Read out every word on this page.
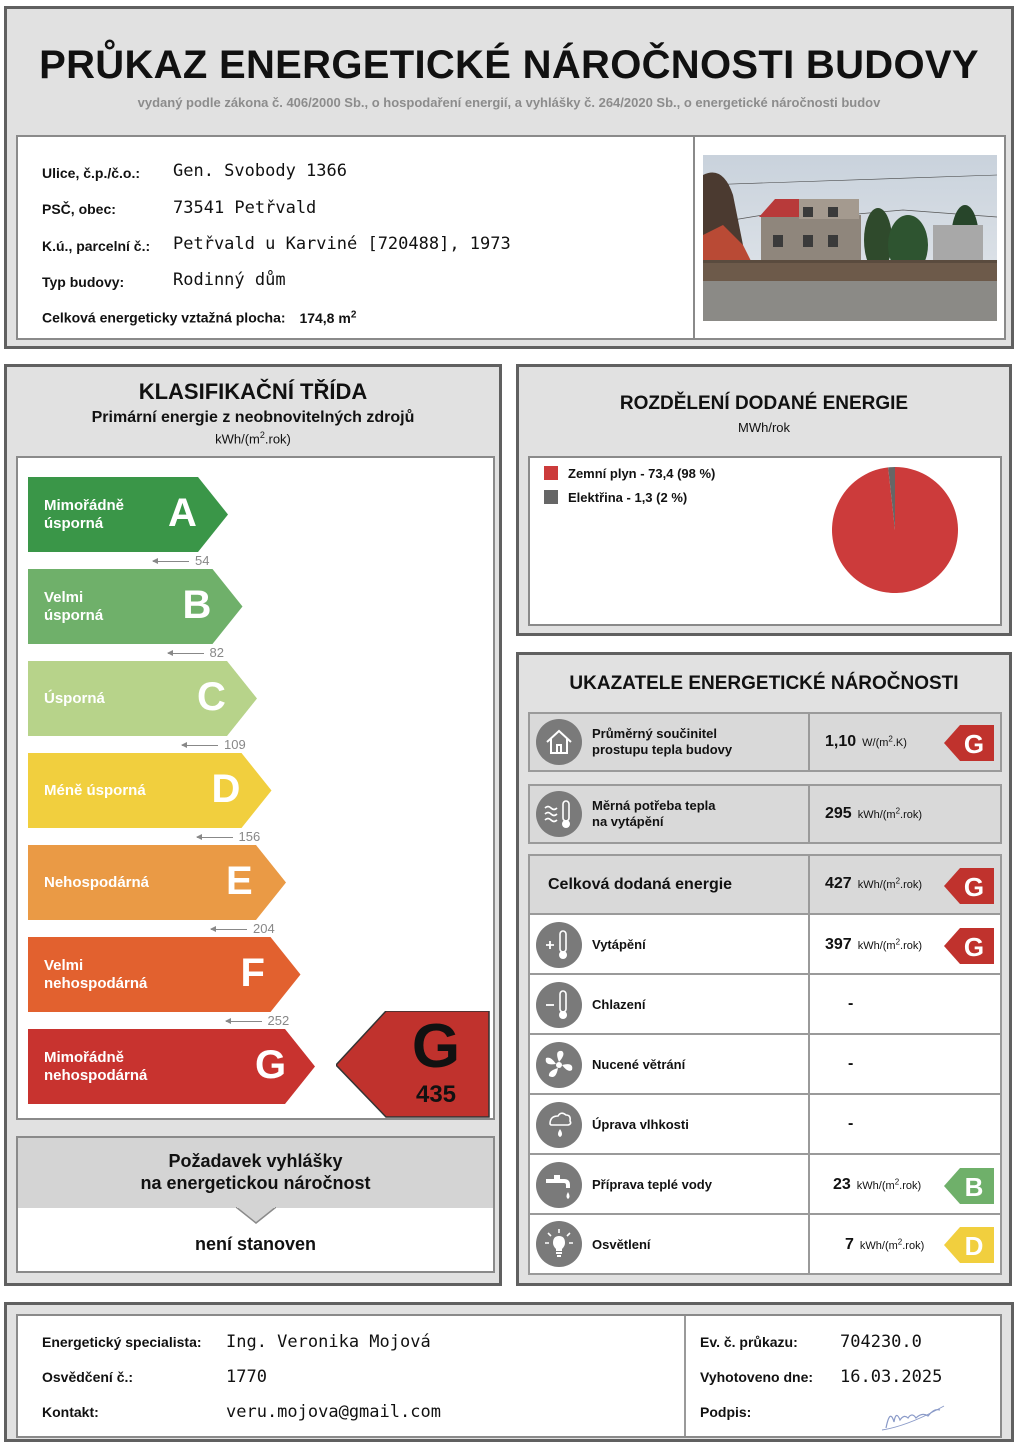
PRŮKAZ ENERGETICKÉ NÁROČNOSTI BUDOVY
vydaný podle zákona č. 406/2000 Sb., o hospodaření energií, a vyhlášky č. 264/2020 Sb., o energetické náročnosti budov
Ulice, č.p./č.o.: Gen. Svobody 1366
PSČ, obec:	73541 Petřvald
K.ú., parcelní č.: Petřvald u Karviné [720488], 1973
Typ budovy:	Rodinný dům
Celková energeticky vztažná plocha: 174,8 $m^2$
KLASIFIKAČNÍ TŘÍDA
Primární energie z neobnovitelných zdrojů
kWh/$(m^2.rok)$
Mimořádně
úsporná	A
54
Velmi
úsporná B
82
Úsporná C
109
Méně úsporná D
156
Nehospodárná E
204
Velmi
nehospodárná F
252
Mimořádně
nehospodárná	G G
435
Požadavek vyhlášky
na energetickou náročnost
není stanoven
ROZDĚLENÍ DODANÉ ENERGIE
MWh/rok
Zemní plyn - 73,4 (98 %)
Elektřina - 1,3 (2 %)
UKAZATELE ENERGETICKÉ NÁROČNOSTI
Průměrný součinitel
prostupu tepla budovy	1,10 $W/(m^2.K)$ G
Měrná potřeba tepla
na vytápění	295 kWh/$(m^2.rok)$
Celková dodaná energie	427 kWh/$(m^2.rok)$ G
Vytápění	397 kWh/$(m^2.rok)$ G
Chlazení	-
Nucené větrání	-
Úprava vlhkosti	-
Příprava teplé vody	23 kWh/$(m^2.rok)$ B
Osvětlení	7 kWh/$(m^2.rok)$ D
Energetický specialista: Ing. Veronika Mojová
Osvědčení č.:	1770
Kontakt:	veru.mojova@gmail.com
Ev. č. průkazu: 704230.0
Vyhotoveno dne: 16.03.2025
Podpis:
